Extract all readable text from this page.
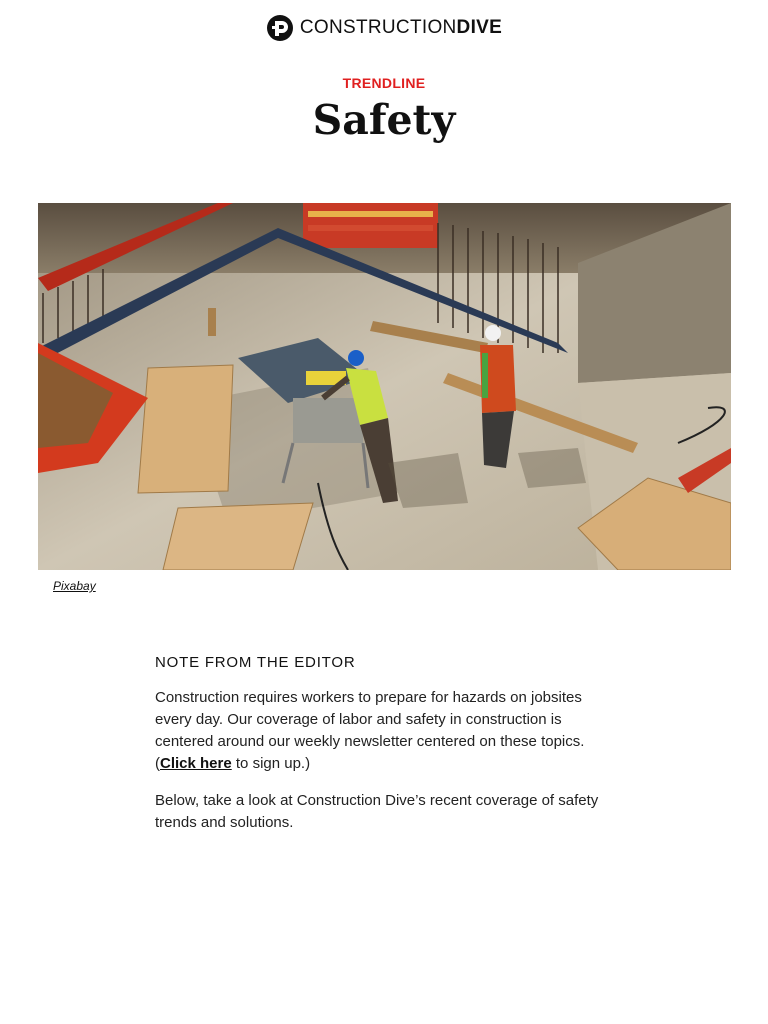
CONSTRUCTIONDIVE
TRENDLINE
Safety
Pixabay
NOTE FROM THE EDITOR
Construction requires workers to prepare for hazards on jobsites every day. Our coverage of labor and safety in construction is centered around our weekly newsletter centered on these topics. (Click here to sign up.)
Below, take a look at Construction Dive’s recent coverage of safety trends and solutions.
